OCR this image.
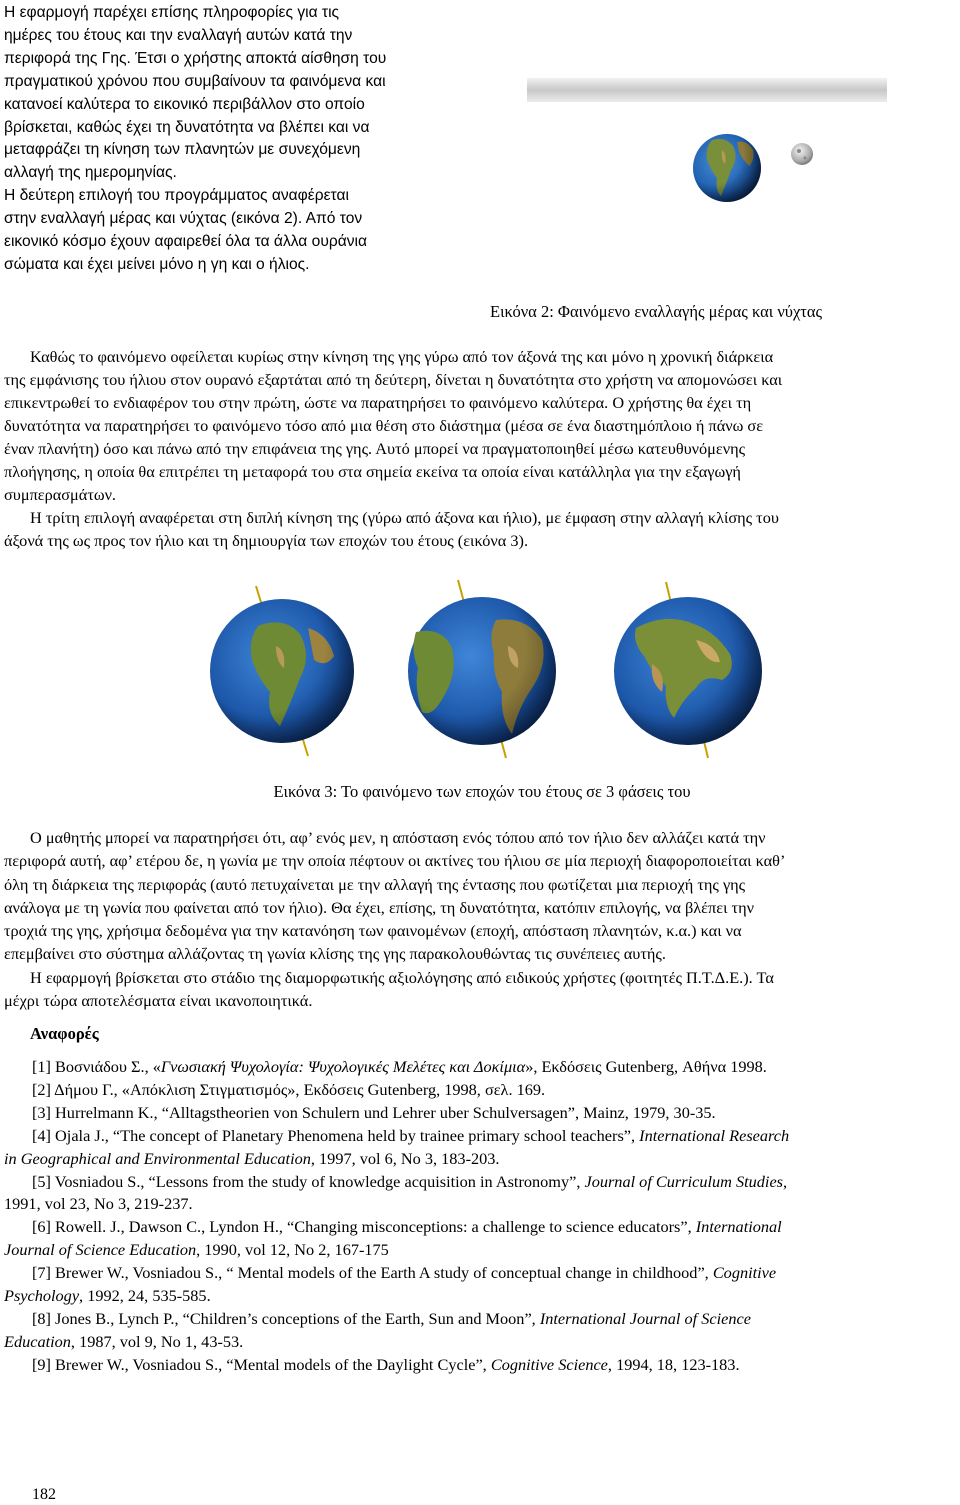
Η εφαρμογή παρέχει επίσης πληροφορίες για τις
ημέρες του έτους και την εναλλαγή αυτών κατά την
περιφορά της Γης. Έτσι ο χρήστης αποκτά αίσθηση του
πραγματικού χρόνου που συμβαίνουν τα φαινόμενα και
κατανοεί καλύτερα το εικονικό περιβάλλον στο οποίο
βρίσκεται, καθώς έχει τη δυνατότητα να βλέπει και να
μεταφράζει τη κίνηση των πλανητών με συνεχόμενη
αλλαγή της ημερομηνίας.
Η δεύτερη επιλογή του προγράμματος αναφέρεται
στην εναλλαγή μέρας και νύχτας (εικόνα 2). Από τον
εικονικό κόσμο έχουν αφαιρεθεί όλα τα άλλα ουράνια
σώματα και έχει μείνει μόνο η γη και ο ήλιος.
Εικόνα 2: Φαινόμενο εναλλαγής μέρας και νύχτας
Καθώς το φαινόμενο οφείλεται κυρίως στην κίνηση της γης γύρω από τον άξονά της και μόνο η χρονική διάρκεια
της εμφάνισης του ήλιου στον ουρανό εξαρτάται από τη δεύτερη, δίνεται η δυνατότητα στο χρήστη να απομονώσει και
επικεντρωθεί το ενδιαφέρον του στην πρώτη, ώστε να παρατηρήσει το φαινόμενο καλύτερα. Ο χρήστης θα έχει τη
δυνατότητα να παρατηρήσει το φαινόμενο τόσο από μια θέση στο διάστημα (μέσα σε ένα διαστημόπλοιο ή πάνω σε
έναν πλανήτη) όσο και πάνω από την επιφάνεια της γης. Αυτό μπορεί να πραγματοποιηθεί μέσω κατευθυνόμενης
πλοήγησης, η οποία θα επιτρέπει τη μεταφορά του στα σημεία εκείνα τα οποία είναι κατάλληλα για την εξαγωγή
συμπερασμάτων.
Η τρίτη επιλογή αναφέρεται στη διπλή κίνηση της (γύρω από άξονα και ήλιο), με έμφαση στην αλλαγή κλίσης του
άξονά της ως προς τον ήλιο και τη δημιουργία των εποχών του έτους (εικόνα 3).
Εικόνα 3: Το φαινόμενο των εποχών του έτους σε 3 φάσεις του
Ο μαθητής μπορεί να παρατηρήσει ότι, αφ’ ενός μεν, η απόσταση ενός τόπου από τον ήλιο δεν αλλάζει κατά την
περιφορά αυτή, αφ’ ετέρου δε, η γωνία με την οποία πέφτουν οι ακτίνες του ήλιου σε μία περιοχή διαφοροποιείται καθ’
όλη τη διάρκεια της περιφοράς (αυτό πετυχαίνεται με την αλλαγή της έντασης που φωτίζεται μια περιοχή της γης
ανάλογα με τη γωνία που φαίνεται από τον ήλιο). Θα έχει, επίσης, τη δυνατότητα, κατόπιν επιλογής, να βλέπει την
τροχιά της γης, χρήσιμα δεδομένα για την κατανόηση των φαινομένων (εποχή, απόσταση πλανητών, κ.α.) και να
επεμβαίνει στο σύστημα αλλάζοντας τη γωνία κλίσης της γης παρακολουθώντας τις συνέπειες αυτής.
Η εφαρμογή βρίσκεται στο στάδιο της διαμορφωτικής αξιολόγησης από ειδικούς χρήστες (φοιτητές Π.Τ.Δ.Ε.). Τα
μέχρι τώρα αποτελέσματα είναι ικανοποιητικά.
Αναφορές
[1] Βοσνιάδου Σ., «Γνωσιακή Ψυχολογία: Ψυχολογικές Μελέτες και Δοκίμια», Εκδόσεις Gutenberg, Αθήνα 1998.
[2] Δήμου Γ., «Απόκλιση Στιγματισμός», Εκδόσεις Gutenberg, 1998, σελ. 169.
[3] Hurrelmann K., “Alltagstheorien von Schulern und Lehrer uber Schulversagen”, Mainz, 1979, 30-35.
[4] Ojala J., “The concept of Planetary Phenomena held by trainee primary school teachers”, International Research
in Geographical and Environmental Education, 1997, vol 6, No 3, 183-203.
[5] Vosniadou S., “Lessons from the study of knowledge acquisition in Astronomy”, Journal of Curriculum Studies,
1991, vol 23, No 3, 219-237.
[6] Rowell. J., Dawson C., Lyndon H., “Changing misconceptions: a challenge to science educators”, International
Journal of Science Education, 1990, vol 12, No 2, 167-175
[7] Brewer W., Vosniadou S., “ Mental models of the Earth A study of conceptual change in childhood”, Cognitive
Psychology, 1992, 24, 535-585.
[8] Jones B., Lynch P., “Children’s conceptions of the Earth, Sun and Moon”, International Journal of Science
Education, 1987, vol 9, No 1, 43-53.
[9] Brewer W., Vosniadou S., “Mental models of the Daylight Cycle”, Cognitive Science, 1994, 18, 123-183.
182
